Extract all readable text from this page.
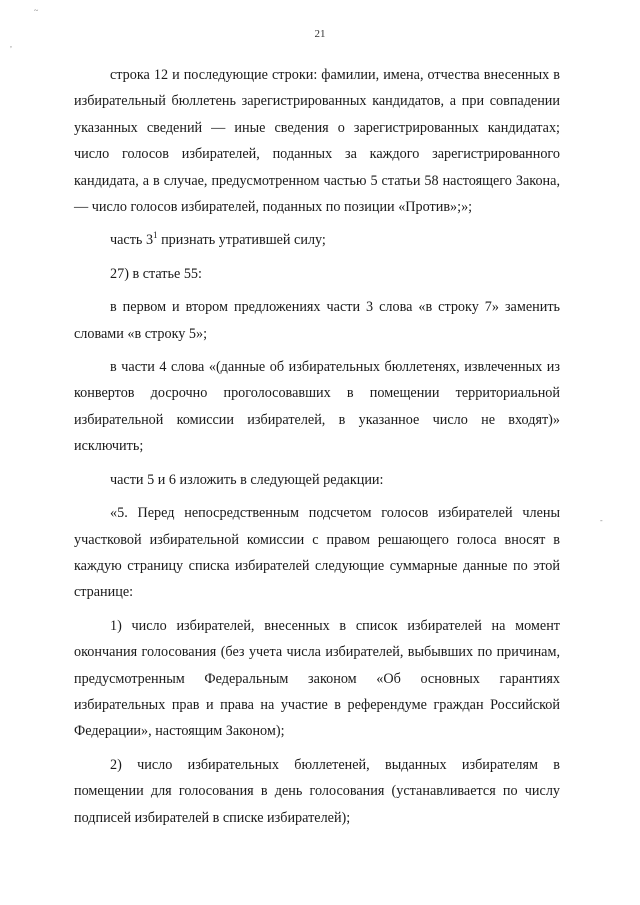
~
,
-
21

строка 12 и последующие строки: фамилии, имена, отчества внесенных в избирательный бюллетень зарегистрированных кандидатов, а при совпадении указанных сведений — иные сведения о зарегистрированных кандидатах; число голосов избирателей, поданных за каждого зарегистрированного кандидата, а в случае, предусмотренном частью 5 статьи 58 настоящего Закона, — число голосов избирателей, поданных по позиции «Против»;»;

часть $3^1$ признать утратившей силу;

27) в статье 55:

в первом и втором предложениях части 3 слова «в строку 7» заменить словами «в строку 5»;

в части 4 слова «(данные об избирательных бюллетенях, извлеченных из конвертов досрочно проголосовавших в помещении территориальной избирательной комиссии избирателей, в указанное число не входят)» исключить;

части 5 и 6 изложить в следующей редакции:

«5. Перед непосредственным подсчетом голосов избирателей члены участковой избирательной комиссии с правом решающего голоса вносят в каждую страницу списка избирателей следующие суммарные данные по этой странице:

1) число избирателей, внесенных в список избирателей на момент окончания голосования (без учета числа избирателей, выбывших по причинам, предусмотренным Федеральным законом «Об основных гарантиях избирательных прав и права на участие в референдуме граждан Российской Федерации», настоящим Законом);

2) число избирательных бюллетеней, выданных избирателям в помещении для голосования в день голосования (устанавливается по числу подписей избирателей в списке избирателей);
